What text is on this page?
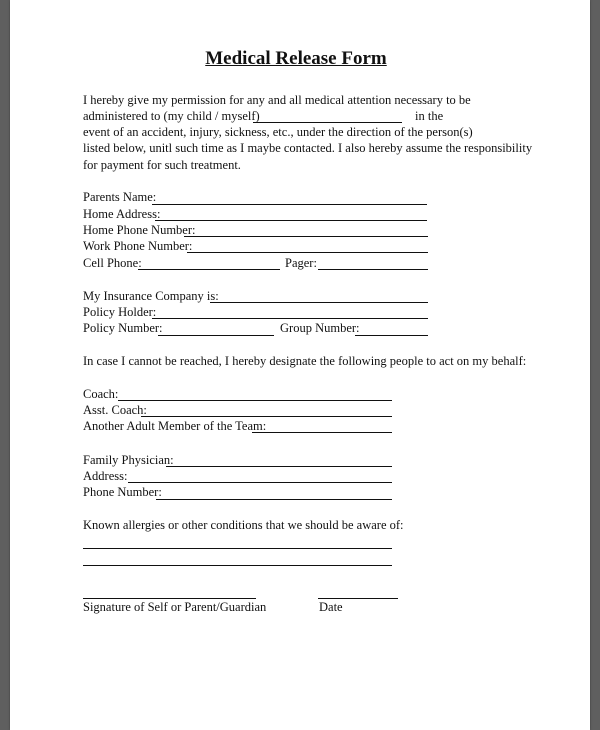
Medical Release Form
I hereby give my permission for any and all medical attention necessary to be
administered to (my child / myself)	in the
event of an accident, injury, sickness, etc., under the direction of the person(s)
listed below, unitl such time as I maybe contacted. I also hereby assume the responsibility
for payment for such treatment.
Parents Name:
Home Address:
Home Phone Number:
Work Phone Number:
Cell Phone:	Pager:
My Insurance Company is:
Policy Holder:
Policy Number:	Group Number:
In case I cannot be reached, I hereby designate the following people to act on my behalf:
Coach:
Asst. Coach:
Another Adult Member of the Team:
Family Physician:
Address:
Phone Number:
Known allergies or other conditions that we should be aware of:
Signature of Self or Parent/Guardian	Date
